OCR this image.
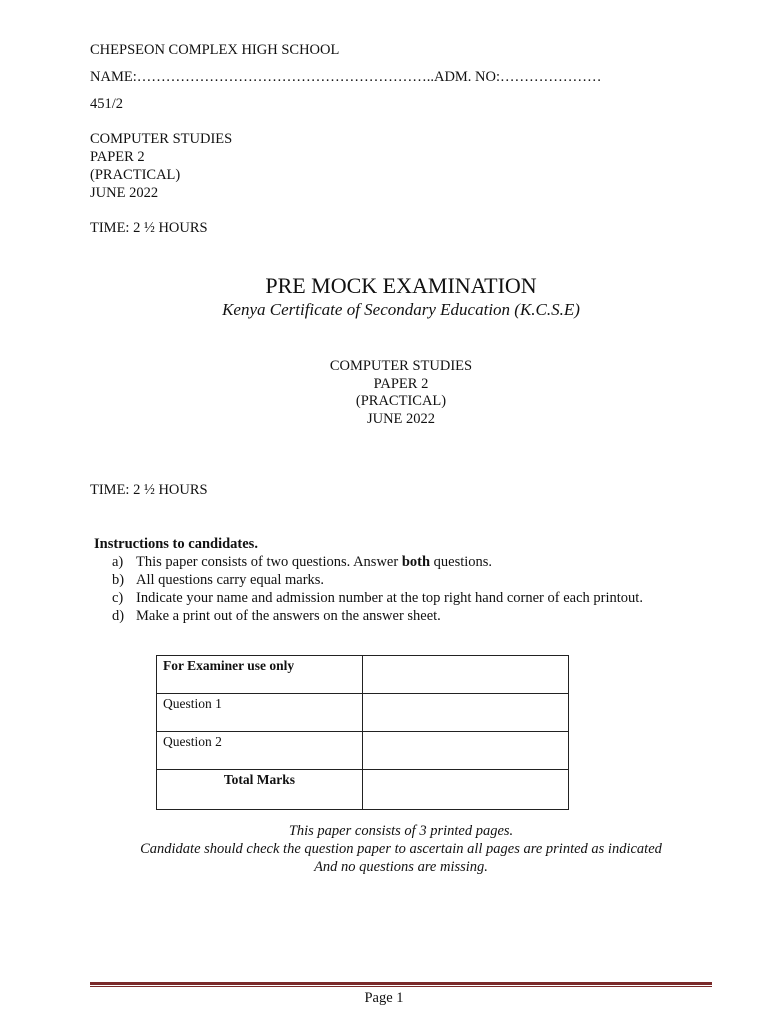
CHEPSEON COMPLEX HIGH SCHOOL
NAME:……………………………………………………..ADM. NO:…………………
451/2
COMPUTER STUDIES
PAPER 2
(PRACTICAL)
JUNE 2022
TIME: 2 ½ HOURS
PRE MOCK EXAMINATION
Kenya Certificate of Secondary Education (K.C.S.E)
COMPUTER STUDIES
PAPER 2
(PRACTICAL)
JUNE 2022
TIME: 2 ½ HOURS
Instructions to candidates.
a) This paper consists of two questions. Answer both questions.
b) All questions carry equal marks.
c) Indicate your name and admission number at the top right hand corner of each printout.
d) Make a print out of the answers on the answer sheet.
For Examiner use only	
Question 1	
Question 2	
Total Marks	
This paper consists of 3 printed pages.
Candidate should check the question paper to ascertain all pages are printed as indicated
And no questions are missing.
Page 1
